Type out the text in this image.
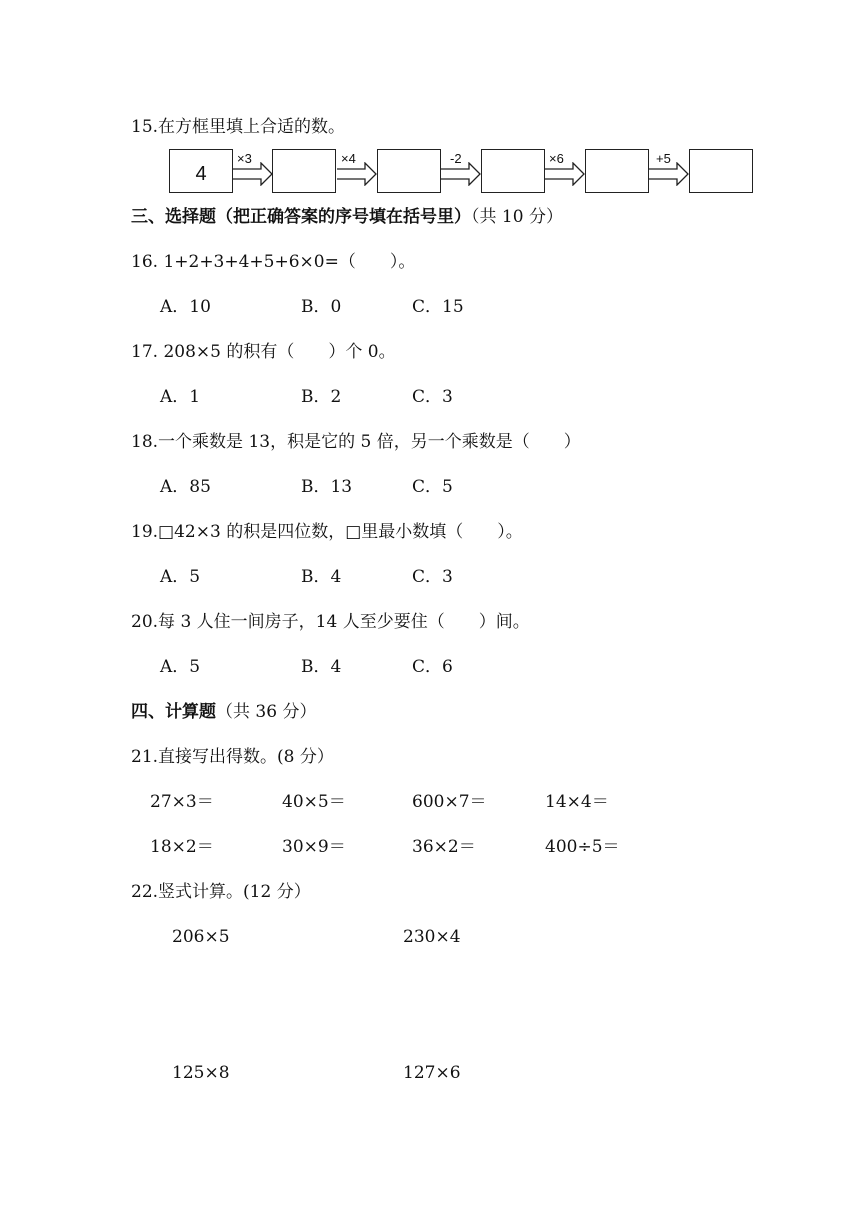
15.在方框里填上合适的数。
4
×3	×4	-2	×6	+5
三、选择题（把正确答案的序号填在括号里）（共 10 分）
16. 1+2+3+4+5+6×0=（　　）。
A．10	B．0	C．15
17. 208×5 的积有（　　）个 0。
A．1	B．2	C．3
18.一个乘数是 13，积是它的 5 倍，另一个乘数是（　　）
A．85	B．13	C．5
19.□42×3 的积是四位数，□里最小数填（　　）。
A．5	B．4	C．3
20.每 3 人住一间房子，14 人至少要住（　　）间。
A．5	B．4	C．6
四、计算题（共 36 分）
21.直接写出得数。(8 分）
27×3＝	40×5＝	600×7＝	14×4＝
18×2＝	30×9＝	36×2＝	400÷5＝
22.竖式计算。(12 分）
206×5	230×4
125×8	127×6
